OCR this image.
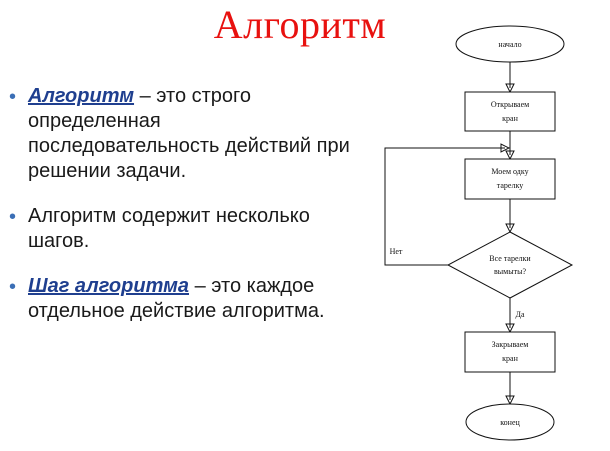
Алгоритм
• Алгоритм – это строго определенная последовательность действий при решении задачи.
• Алгоритм содержит несколько шагов.
• Шаг алгоритма – это каждое отдельное действие алгоритма.
начало
Открываем
кран
Моем одку
тарелку
Все тарелки
вымыты?
Нет
Да
Закрываем
кран
конец
